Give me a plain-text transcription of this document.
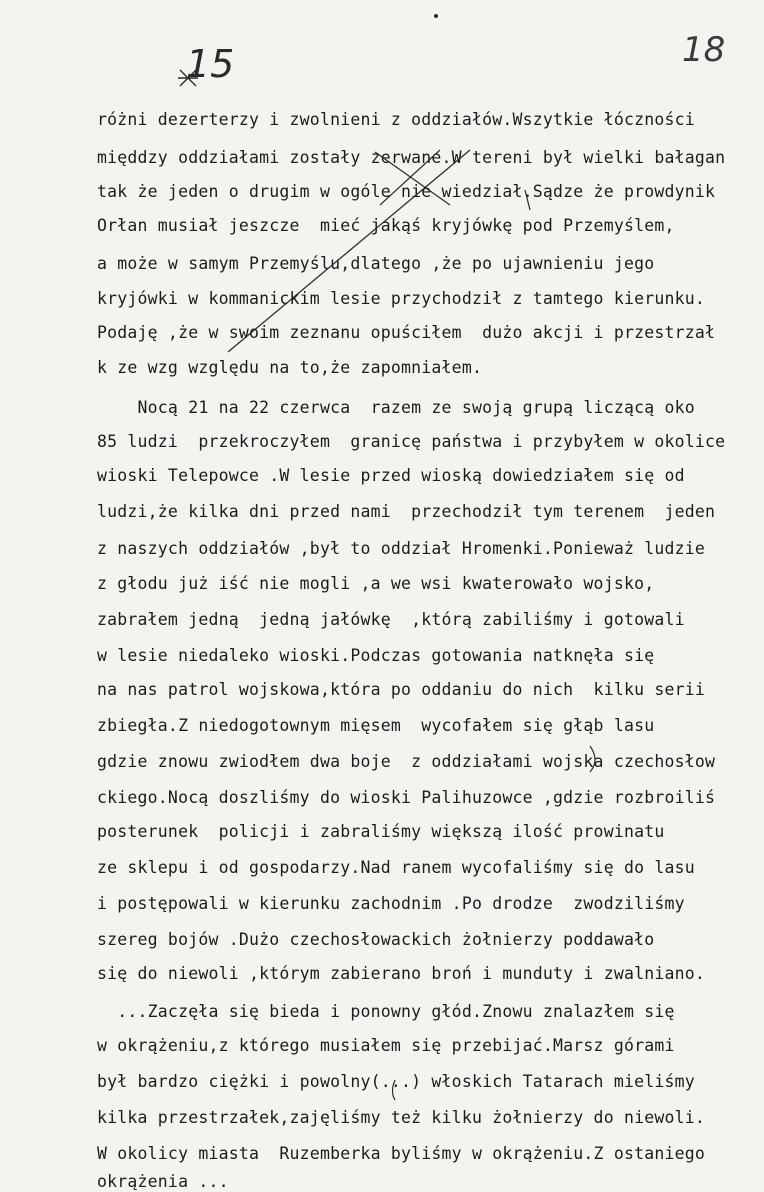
15	18
różni dezerterzy i zwolnieni z oddziałów.Wszytkie łóczności
międdzy oddziałami zostały zerwane.W tereni był wielki bałagan
tak że jeden o drugim w ogóle nie wiedział.Sądze że prowdynik
Orłan musiał jeszcze  mieć jakąś kryjówkę pod Przemyślem,
a może w samym Przemyślu,dlatego ,że po ujawnieniu jego
kryjówki w kommanickim lesie przychodził z tamtego kierunku.
Podaję ,że w swoim zeznanu opuściłem  dużo akcji i przestrzał
k ze wzg względu na to,że zapomniałem.
Nocą 21 na 22 czerwca  razem ze swoją grupą liczącą oko
85 ludzi  przekroczyłem  granicę państwa i przybyłem w okolice
wioski Telepowce .W lesie przed wioską dowiedziałem się od
ludzi,że kilka dni przed nami  przechodził tym terenem  jeden
z naszych oddziałów ,był to oddział Hromenki.Ponieważ ludzie
z głodu już iść nie mogli ,a we wsi kwaterowało wojsko,
zabrałem jedną  jedną jałówkę  ,którą zabiliśmy i gotowali
w lesie niedaleko wioski.Podczas gotowania natknęła się
na nas patrol wojskowa,która po oddaniu do nich  kilku serii
zbiegła.Z niedogotownym mięsem  wycofałem się głąb lasu
gdzie znowu zwiodłem dwa boje  z oddziałami wojska czechosłow
ckiego.Nocą doszliśmy do wioski Palihuzowce ,gdzie rozbroiliś
posterunek  policji i zabraliśmy większą ilość prowinatu
ze sklepu i od gospodarzy.Nad ranem wycofaliśmy się do lasu
i postępowali w kierunku zachodnim .Po drodze  zwodziliśmy
szereg bojów .Dużo czechosłowackich żołnierzy poddawało
się do niewoli ,którym zabierano broń i munduty i zwalniano.
...Zaczęła się bieda i ponowny głód.Znowu znalazłem się
w okrążeniu,z którego musiałem się przebijać.Marsz górami
był bardzo ciężki i powolny(...) włoskich Tatarach mieliśmy
kilka przestrzałek,zajęliśmy też kilku żołnierzy do niewoli.
W okolicy miasta  Ruzemberka byliśmy w okrążeniu.Z ostaniego
okrążenia ...
